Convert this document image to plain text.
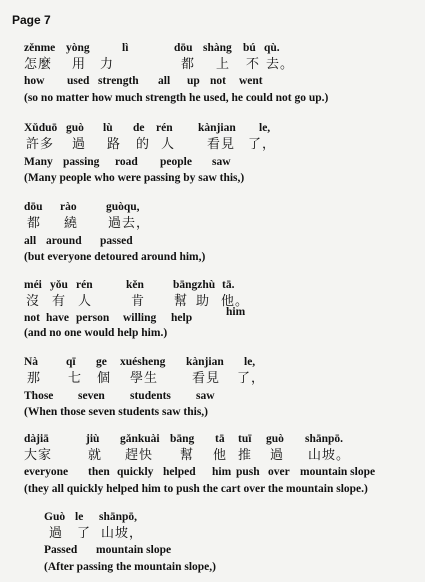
Page 7
zěnme yòng	lì	dōu shàng bú qù.
怎麼 用 力	都 上 不 去。
how used strength all up not went
(so no matter how much strength he used, he could not go up.)
Xǔduō guò lù de rén kànjian le,
許多 過 路 的 人 看見 了，
Many passing road people saw
(Many people who were passing by saw this,)
dōu rào	guòqu,
都 繞 過去，
all around passed
(but everyone detoured around him,)
méi yǒu rén	kěn	bāngzhù tā.
沒 有 人	肯 幫 助 他。
not have person willing help	him
(and no one would help him.)
Nà qī ge xuésheng kànjian le,
那 七 個 學生	看見 了，
Those seven students saw
(When those seven students saw this,)
dàjiā	jiù gǎnkuài bāng tā tuī guò shānpō.
大家	就 趕快 幫 他 推 過 山坡。
everyone then quickly helped him push over mountain slope
(they all quickly helped him to push the cart over the mountain slope.)
Guò le shānpō,
過 了 山坡，
Passed mountain slope
(After passing the mountain slope,)
